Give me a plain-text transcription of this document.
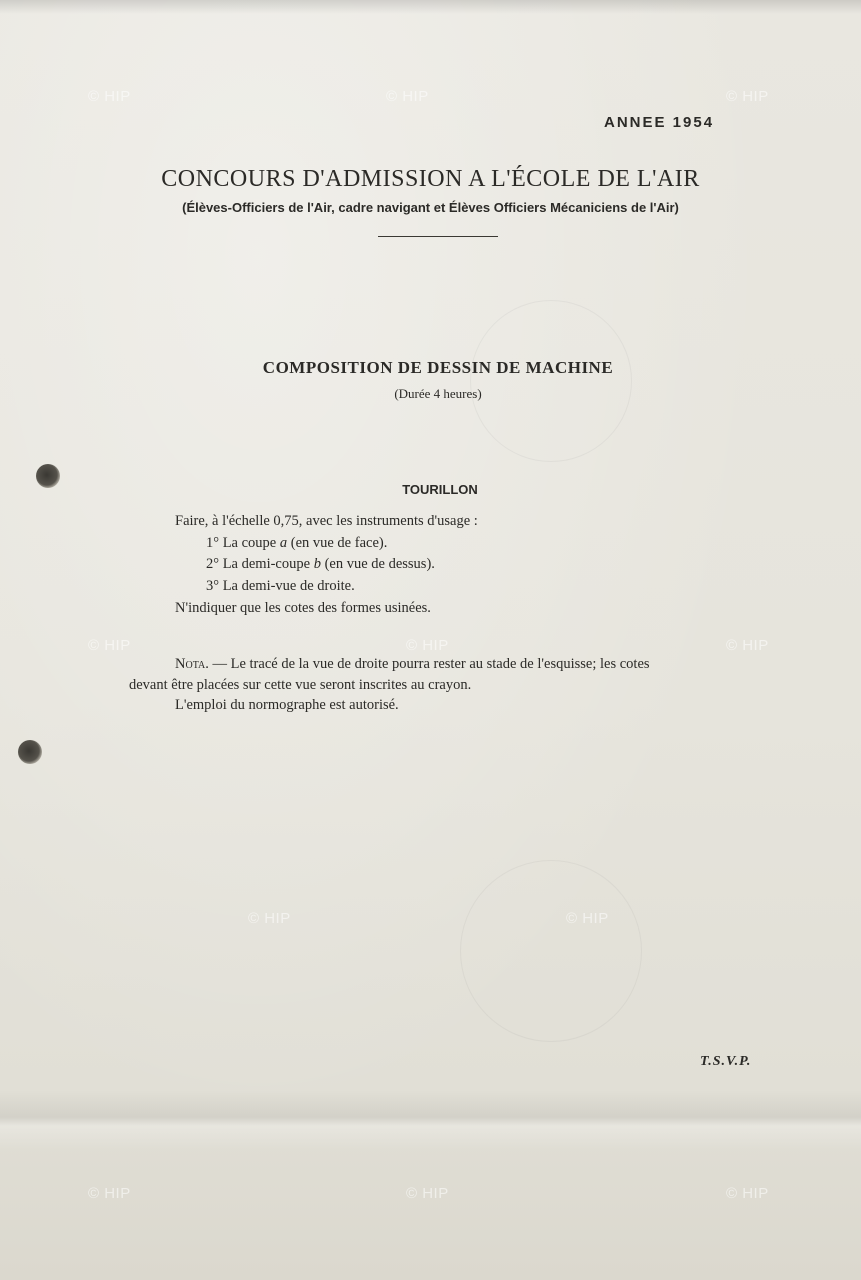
© HIP	© HIP	© HIP
© HIP	© HIP	© HIP
© HIP	© HIP
© HIP	© HIP	© HIP
ANNEE 1954
CONCOURS D'ADMISSION A L'ÉCOLE DE L'AIR
(Élèves-Officiers de l'Air, cadre navigant et Élèves Officiers Mécaniciens de l'Air)
COMPOSITION DE DESSIN DE MACHINE
(Durée 4 heures)
TOURILLON
Faire, à l'échelle 0,75, avec les instruments d'usage :
1° La coupe a (en vue de face).
2° La demi-coupe b (en vue de dessus).
3° La demi-vue de droite.
N'indiquer que les cotes des formes usinées.
Nota. — Le tracé de la vue de droite pourra rester au stade de l'esquisse; les cotes
devant être placées sur cette vue seront inscrites au crayon.
L'emploi du normographe est autorisé.
T.S.V.P.
